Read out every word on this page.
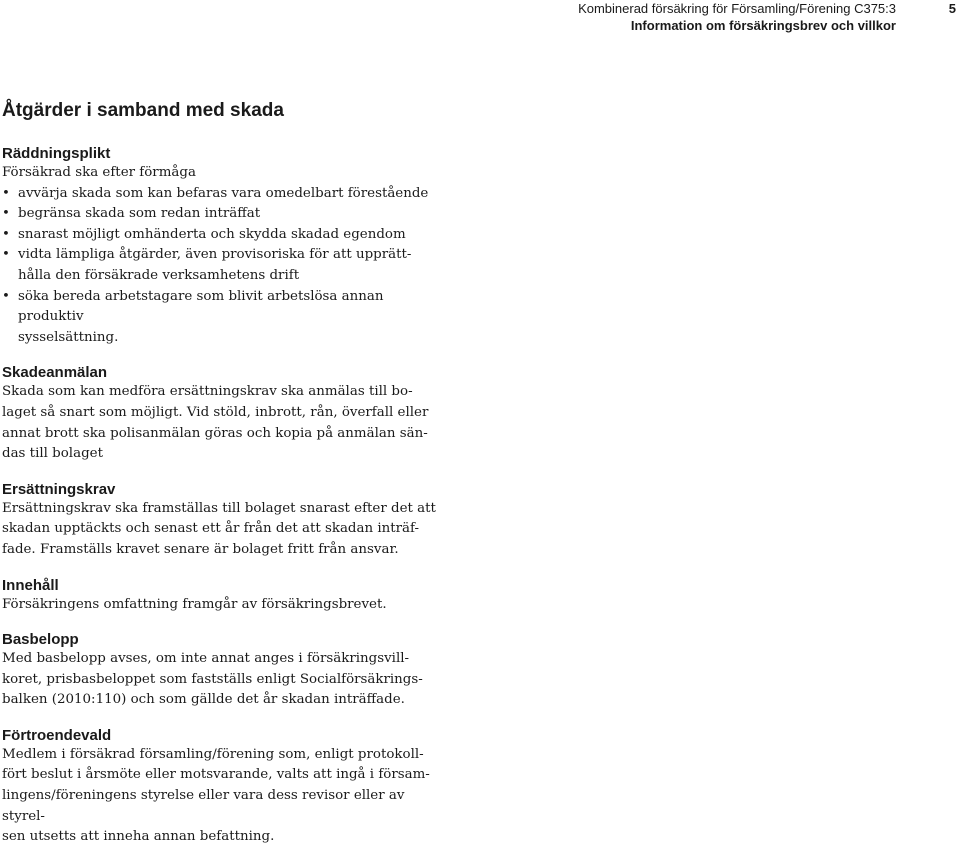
Kombinerad försäkring för Församling/Förening C375:3
Information om försäkringsbrev och villkor
5
Åtgärder i samband med skada
Räddningsplikt

Försäkrad ska efter förmåga

• avvärja skada som kan befaras vara omedelbart förestående
• begränsa skada som redan inträffat
• snarast möjligt omhänderta och skydda skadad egendom
• vidta lämpliga åtgärder, även provisoriska för att upprätt-
hålla den försäkrade verksamhetens drift
• söka bereda arbetstagare som blivit arbetslösa annan produktiv
sysselsättning.
Skadeanmälan

Skada som kan medföra ersättningskrav ska anmälas till bo-
laget så snart som möjligt. Vid stöld, inbrott, rån, överfall eller
annat brott ska polisanmälan göras och kopia på anmälan sän-
das till bolaget

Ersättningskrav

Ersättningskrav ska framställas till bolaget snarast efter det att
skadan upptäckts och senast ett år från det att skadan inträf-
fade. Framställs kravet senare är bolaget fritt från ansvar.

Innehåll

Försäkringens omfattning framgår av försäkringsbrevet.

Basbelopp

Med basbelopp avses, om inte annat anges i försäkringsvill-
koret, prisbasbeloppet som fastställs enligt Socialförsäkrings-
balken (2010:110) och som gällde det år skadan inträffade.

Förtroendevald

Medlem i försäkrad församling/förening som, enligt protokoll-
fört beslut i årsmöte eller motsvarande, valts att ingå i försam-
lingens/föreningens styrelse eller vara dess revisor eller av styrel-
sen utsetts att inneha annan befattning.
